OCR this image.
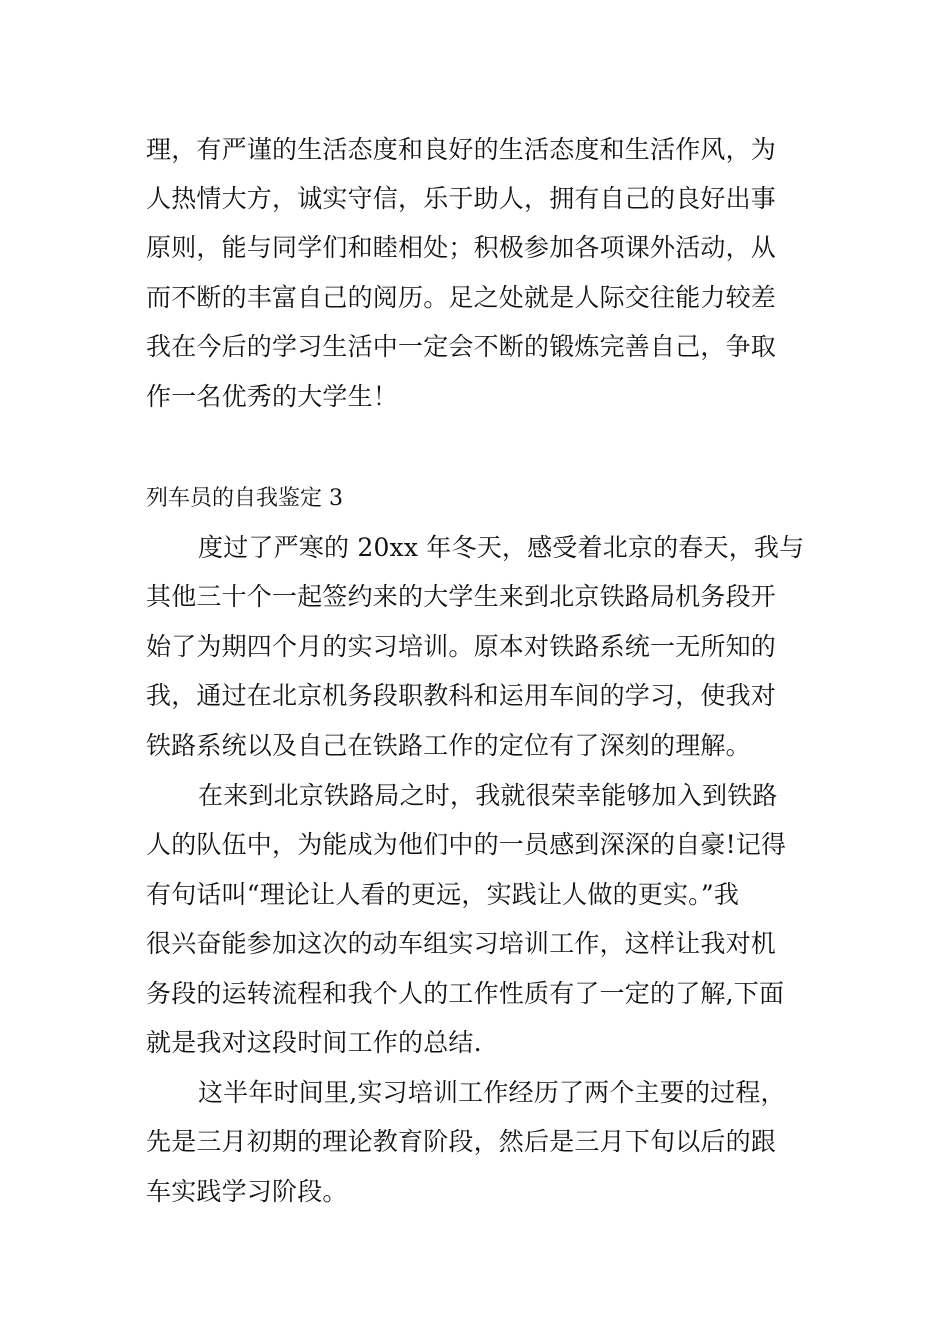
理，有严谨的生活态度和良好的生活态度和生活作风，为
人热情大方，诚实守信，乐于助人，拥有自己的良好出事
原则，能与同学们和睦相处；积极参加各项课外活动，从
而不断的丰富自己的阅历。足之处就是人际交往能力较差
我在今后的学习生活中一定会不断的锻炼完善自己，争取
作一名优秀的大学生！
列车员的自我鉴定 3
度过了严寒的 20xx 年冬天，感受着北京的春天，我与
其他三十个一起签约来的大学生来到北京铁路局机务段开
始了为期四个月的实习培训。原本对铁路系统一无所知的
我，通过在北京机务段职教科和运用车间的学习，使我对
铁路系统以及自己在铁路工作的定位有了深刻的理解。
在来到北京铁路局之时，我就很荣幸能够加入到铁路
人的队伍中，为能成为他们中的一员感到深深的自豪!记得
有句话叫“理论让人看的更远，实践让人做的更实。”我
很兴奋能参加这次的动车组实习培训工作，这样让我对机
务段的运转流程和我个人的工作性质有了一定的了解,下面
就是我对这段时间工作的总结.
这半年时间里,实习培训工作经历了两个主要的过程，
先是三月初期的理论教育阶段，然后是三月下旬以后的跟
车实践学习阶段。
